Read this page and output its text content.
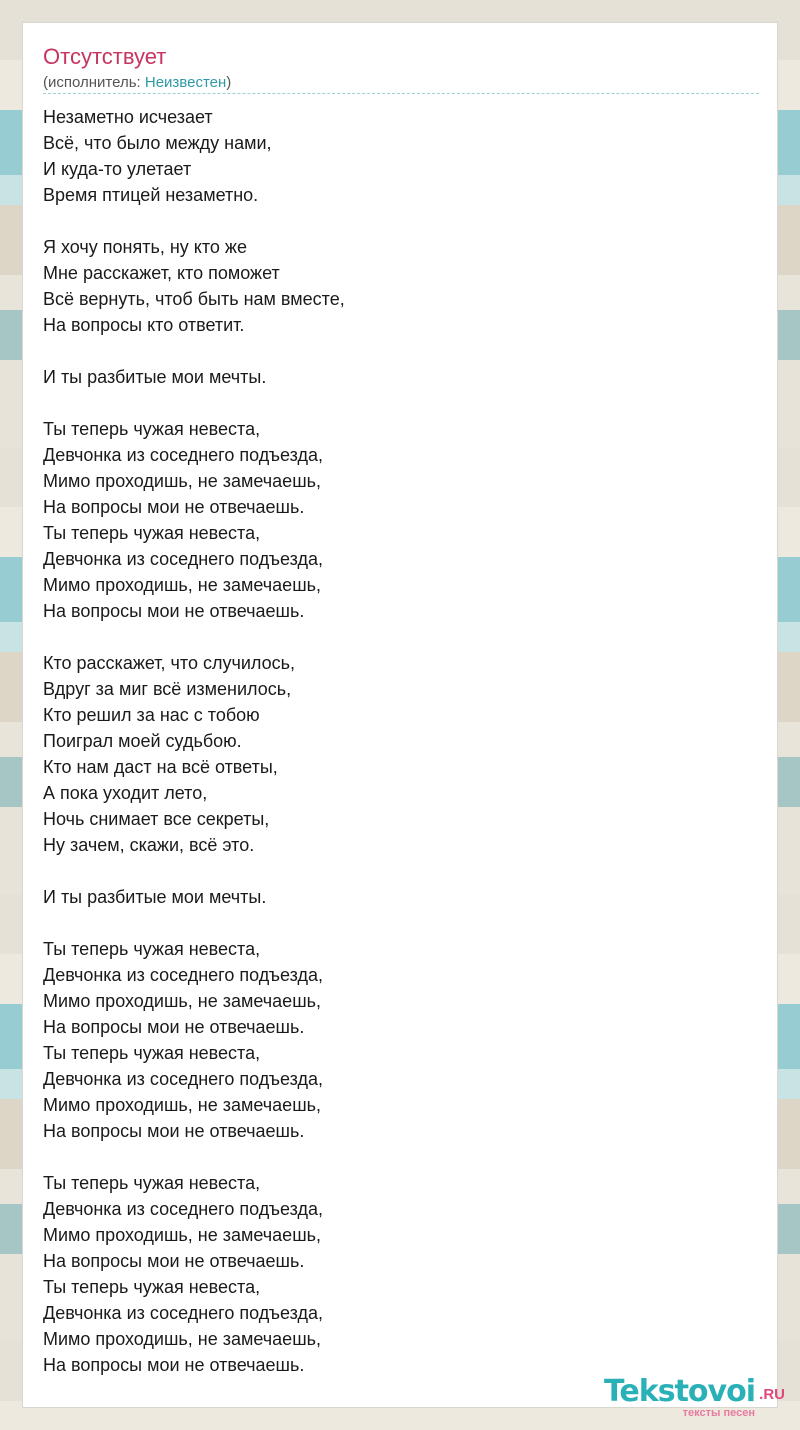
Отсутствует
(исполнитель: Неизвестен)
Незаметно исчезает
Всё, что было между нами,
И куда-то улетает
Время птицей незаметно.
Я хочу понять, ну кто же
Мне расскажет, кто поможет
Всё вернуть, чтоб быть нам вместе,
На вопросы кто ответит.
И ты разбитые мои мечты.
Ты теперь чужая невеста,
Девчонка из соседнего подъезда,
Мимо проходишь, не замечаешь,
На вопросы мои не отвечаешь.
Ты теперь чужая невеста,
Девчонка из соседнего подъезда,
Мимо проходишь, не замечаешь,
На вопросы мои не отвечаешь.
Кто расскажет, что случилось,
Вдруг за миг всё изменилось,
Кто решил за нас с тобою
Поиграл моей судьбою.
Кто нам даст на всё ответы,
А пока уходит лето,
Ночь снимает все секреты,
Ну зачем, скажи, всё это.
И ты разбитые мои мечты.
Ты теперь чужая невеста,
Девчонка из соседнего подъезда,
Мимо проходишь, не замечаешь,
На вопросы мои не отвечаешь.
Ты теперь чужая невеста,
Девчонка из соседнего подъезда,
Мимо проходишь, не замечаешь,
На вопросы мои не отвечаешь.
Ты теперь чужая невеста,
Девчонка из соседнего подъезда,
Мимо проходишь, не замечаешь,
На вопросы мои не отвечаешь.
Ты теперь чужая невеста,
Девчонка из соседнего подъезда,
Мимо проходишь, не замечаешь,
На вопросы мои не отвечаешь.
Tekstovoi .RU
тексты песен
